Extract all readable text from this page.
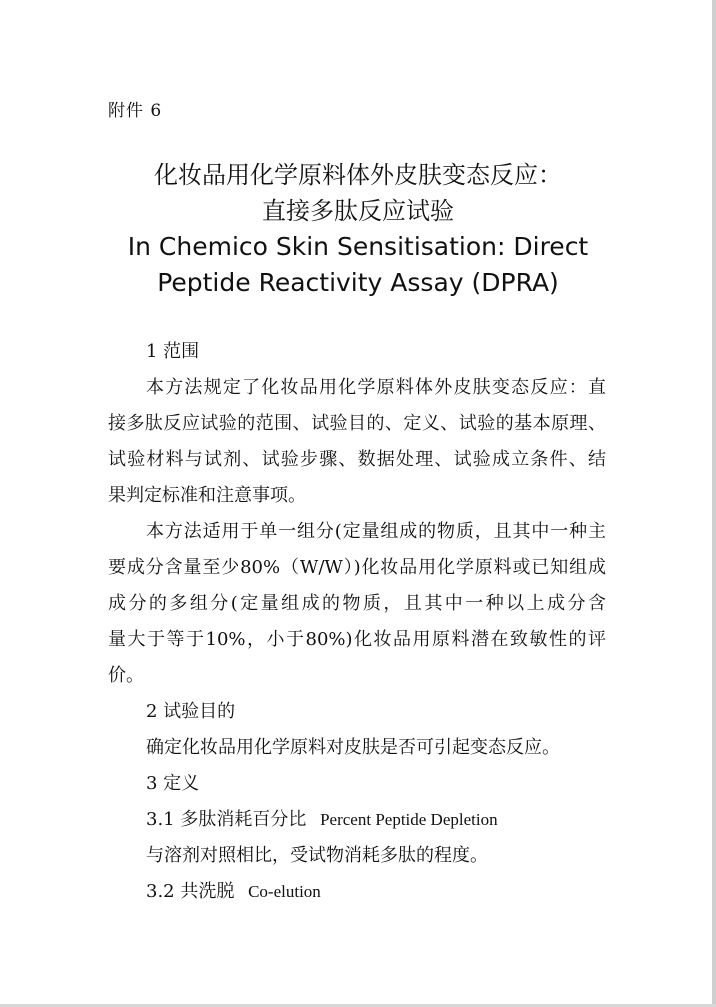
附件 6
化妆品用化学原料体外皮肤变态反应：
直接多肽反应试验
In Chemico Skin Sensitisation: Direct
Peptide Reactivity Assay (DPRA)
1 范围
本方法规定了化妆品用化学原料体外皮肤变态反应：直
接多肽反应试验的范围、试验目的、定义、试验的基本原理、
试验材料与试剂、试验步骤、数据处理、试验成立条件、结
果判定标准和注意事项。
本方法适用于单一组分(定量组成的物质，且其中一种主
要成分含量至少80%（W/W）)化妆品用化学原料或已知组成
成分的多组分(定量组成的物质，且其中一种以上成分含
量大于等于10%，小于80%)化妆品用原料潜在致敏性的评
价。
2 试验目的
确定化妆品用化学原料对皮肤是否可引起变态反应。
3 定义
3.1 多肽消耗百分比 Percent Peptide Depletion
与溶剂对照相比，受试物消耗多肽的程度。
3.2 共洗脱 Co-elution
